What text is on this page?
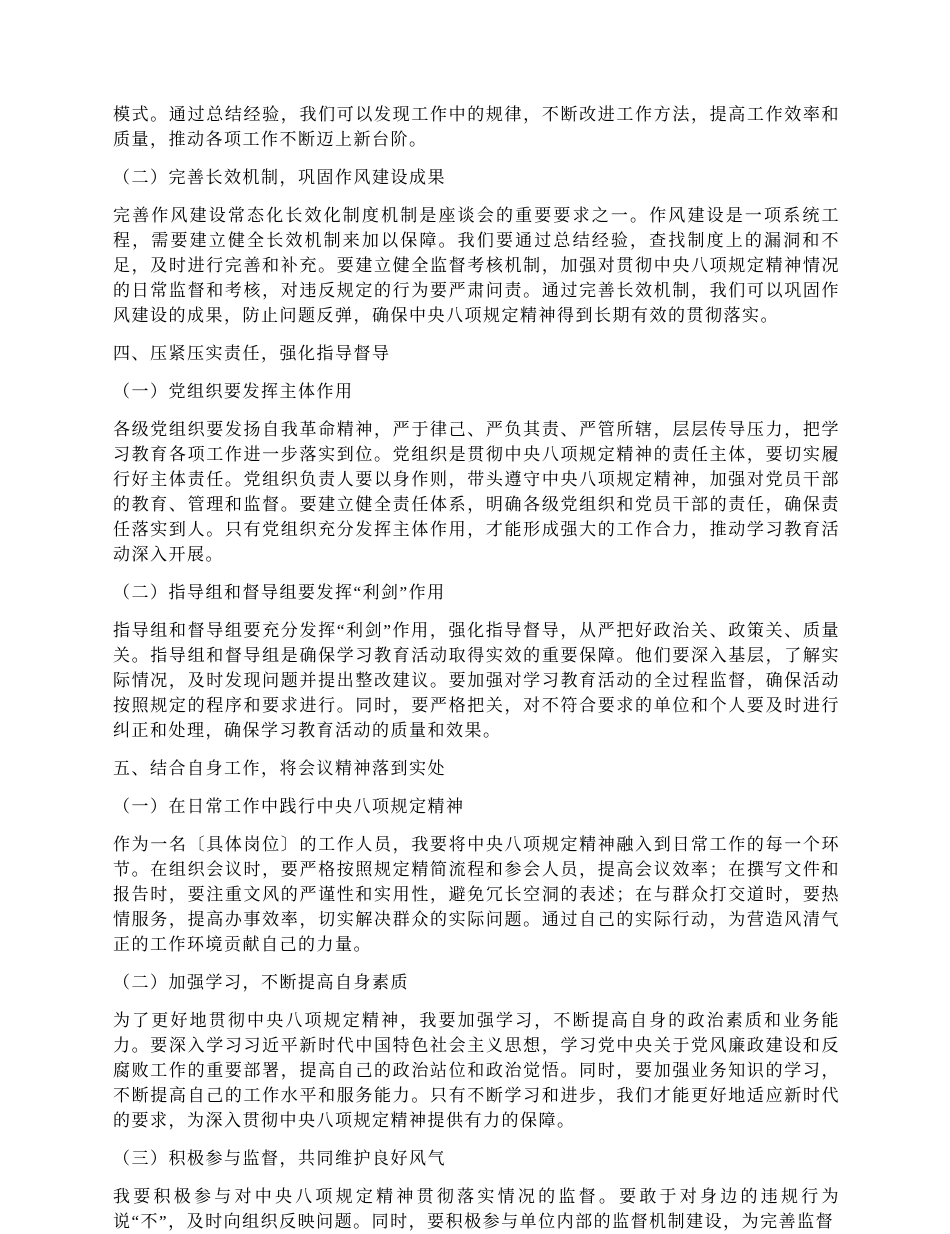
模式。通过总结经验，我们可以发现工作中的规律，不断改进工作方法，提高工作效率和质量，推动各项工作不断迈上新台阶。

（二）完善长效机制，巩固作风建设成果

完善作风建设常态化长效化制度机制是座谈会的重要要求之一。作风建设是一项系统工程，需要建立健全长效机制来加以保障。我们要通过总结经验，查找制度上的漏洞和不足，及时进行完善和补充。要建立健全监督考核机制，加强对贯彻中央八项规定精神情况的日常监督和考核，对违反规定的行为要严肃问责。通过完善长效机制，我们可以巩固作风建设的成果，防止问题反弹，确保中央八项规定精神得到长期有效的贯彻落实。

四、压紧压实责任，强化指导督导

（一）党组织要发挥主体作用

各级党组织要发扬自我革命精神，严于律己、严负其责、严管所辖，层层传导压力，把学习教育各项工作进一步落实到位。党组织是贯彻中央八项规定精神的责任主体，要切实履行好主体责任。党组织负责人要以身作则，带头遵守中央八项规定精神，加强对党员干部的教育、管理和监督。要建立健全责任体系，明确各级党组织和党员干部的责任，确保责任落实到人。只有党组织充分发挥主体作用，才能形成强大的工作合力，推动学习教育活动深入开展。

（二）指导组和督导组要发挥“利剑”作用

指导组和督导组要充分发挥“利剑”作用，强化指导督导，从严把好政治关、政策关、质量关。指导组和督导组是确保学习教育活动取得实效的重要保障。他们要深入基层，了解实际情况，及时发现问题并提出整改建议。要加强对学习教育活动的全过程监督，确保活动按照规定的程序和要求进行。同时，要严格把关，对不符合要求的单位和个人要及时进行纠正和处理，确保学习教育活动的质量和效果。

五、结合自身工作，将会议精神落到实处

（一）在日常工作中践行中央八项规定精神

作为一名〔具体岗位〕的工作人员，我要将中央八项规定精神融入到日常工作的每一个环节。在组织会议时，要严格按照规定精简流程和参会人员，提高会议效率；在撰写文件和报告时，要注重文风的严谨性和实用性，避免冗长空洞的表述；在与群众打交道时，要热情服务，提高办事效率，切实解决群众的实际问题。通过自己的实际行动，为营造风清气正的工作环境贡献自己的力量。

（二）加强学习，不断提高自身素质

为了更好地贯彻中央八项规定精神，我要加强学习，不断提高自身的政治素质和业务能力。要深入学习习近平新时代中国特色社会主义思想，学习党中央关于党风廉政建设和反腐败工作的重要部署，提高自己的政治站位和政治觉悟。同时，要加强业务知识的学习，不断提高自己的工作水平和服务能力。只有不断学习和进步，我们才能更好地适应新时代的要求，为深入贯彻中央八项规定精神提供有力的保障。

（三）积极参与监督，共同维护良好风气

我要积极参与对中央八项规定精神贯彻落实情况的监督。要敢于对身边的违规行为说“不”，及时向组织反映问题。同时，要积极参与单位内部的监督机制建设，为完善监督
